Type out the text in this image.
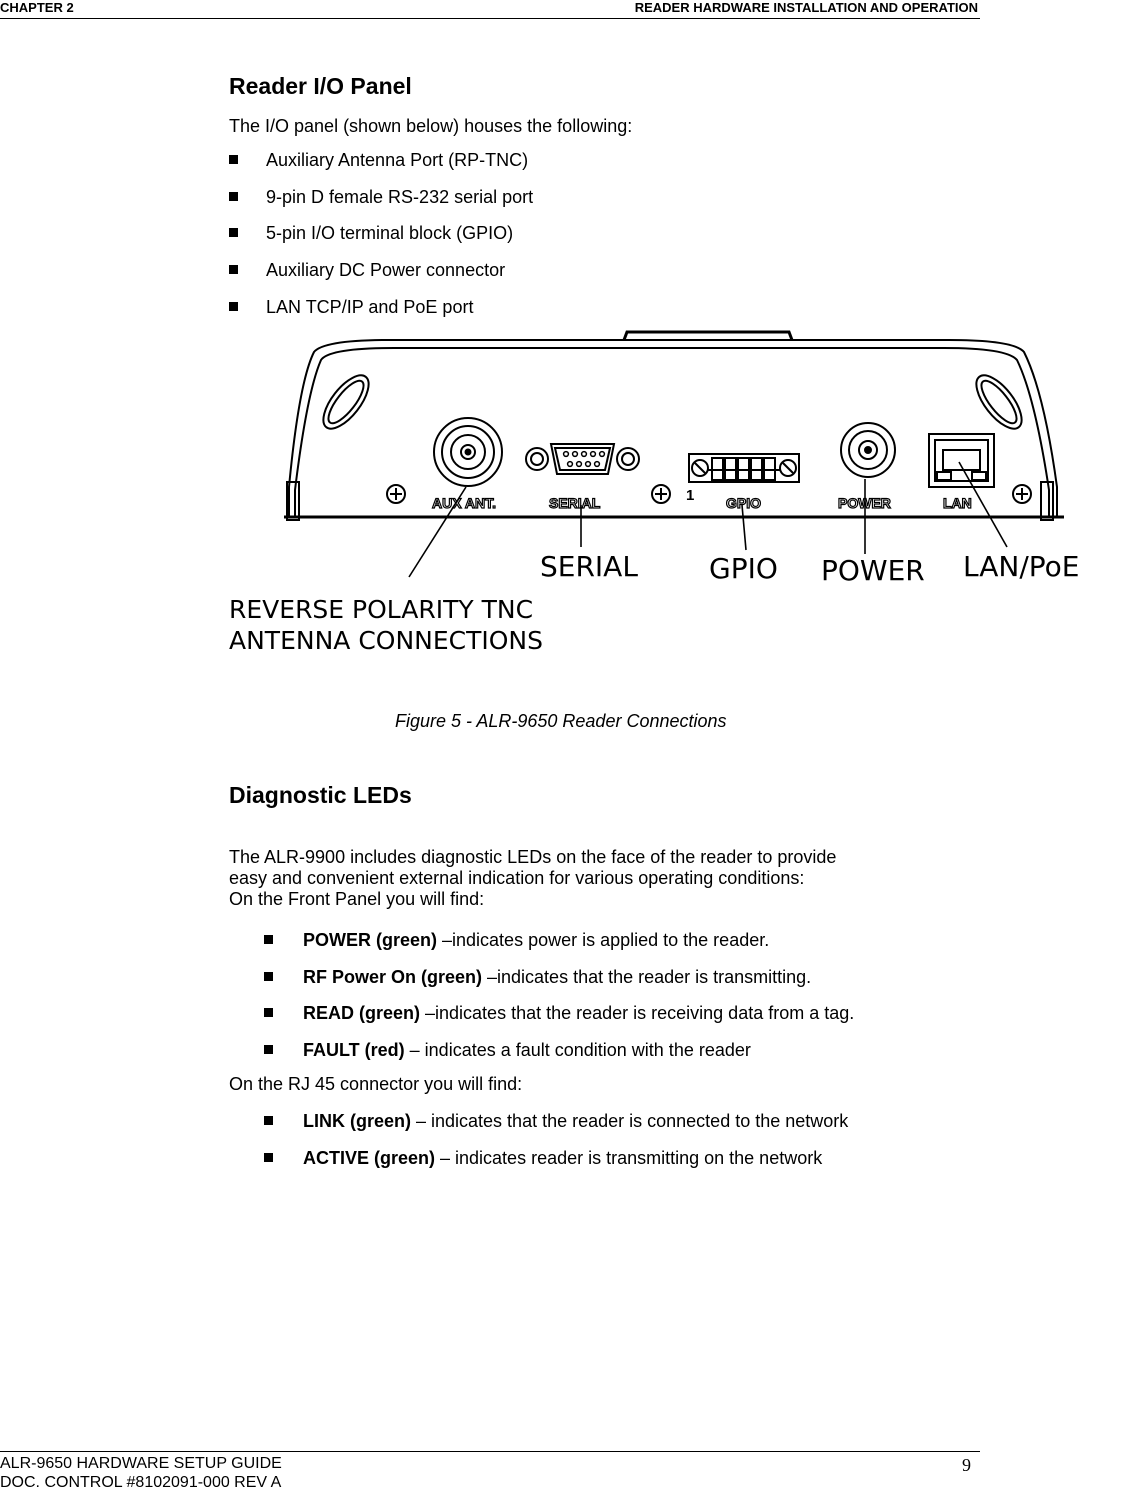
CHAPTER 2	READER HARDWARE INSTALLATION AND OPERATION
Reader I/O Panel

The I/O panel (shown below) houses the following:

Auxiliary Antenna Port (RP-TNC)
9-pin D female RS-232 serial port
5-pin I/O terminal block (GPIO)
Auxiliary DC Power connector
LAN TCP/IP and PoE port
AUX ANT.	SERIAL	GPIO	POWER	LAN
1
SERIAL	GPIO POWER LAN/PoE
REVERSE POLARITY TNC
ANTENNA CONNECTIONS
Figure 5 - ALR-9650 Reader Connections
Diagnostic LEDs

The ALR-9900 includes diagnostic LEDs on the face of the reader to provide

easy and convenient external indication for various operating conditions:

On the Front Panel you will find:

POWER (green) –indicates power is applied to the reader.
RF Power On (green) –indicates that the reader is transmitting.
READ (green) –indicates that the reader is receiving data from a tag.
FAULT (red) – indicates a fault condition with the reader

On the RJ 45 connector you will find:

LINK (green) – indicates that the reader is connected to the network
ACTIVE (green) – indicates reader is transmitting on the network
ALR-9650 HARDWARE SETUP GUIDE
DOC. CONTROL #8102091-000 REV A
9
